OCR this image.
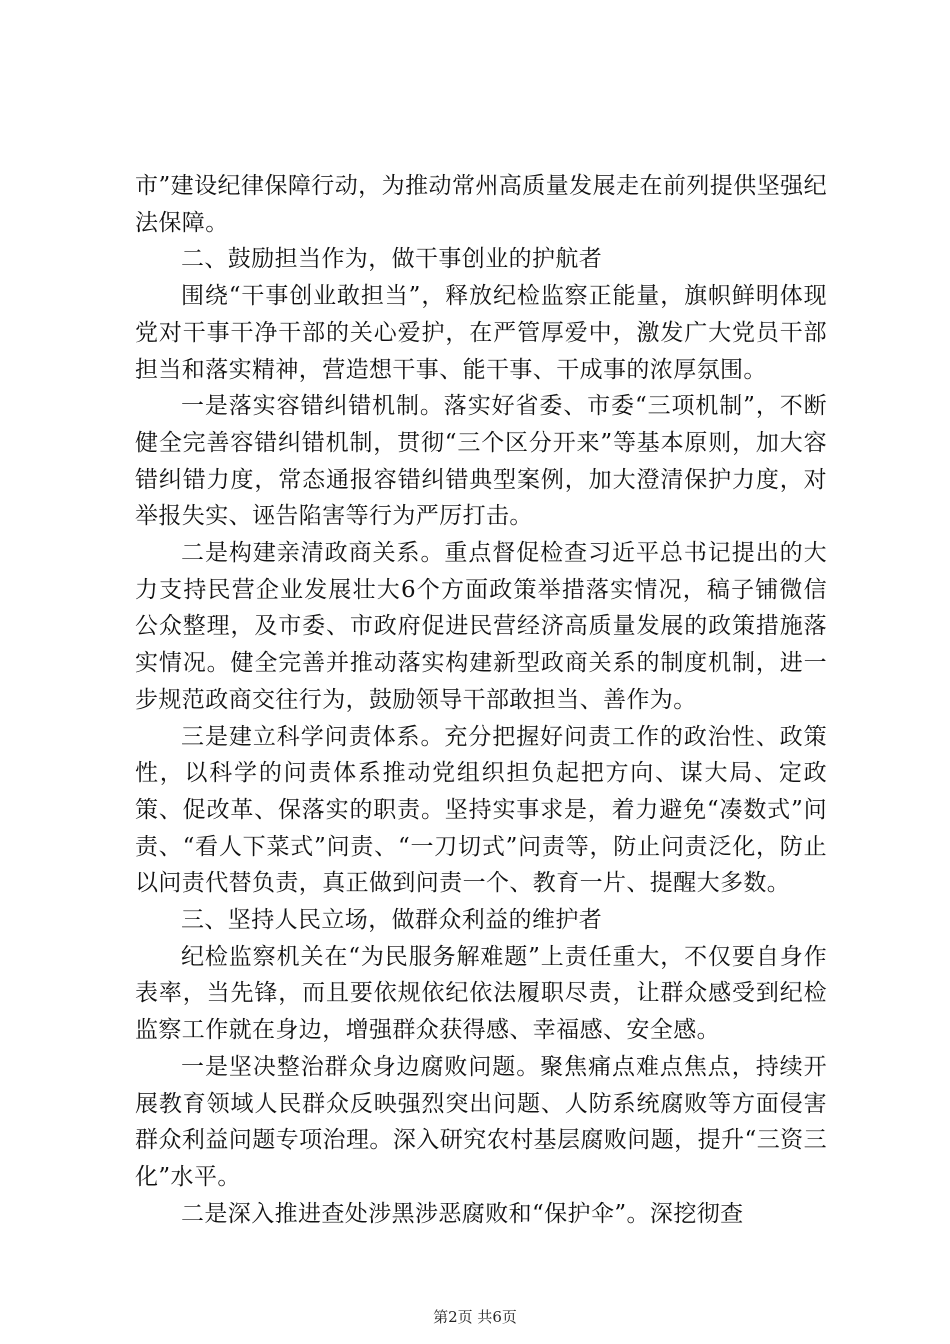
市”建设纪律保障行动，为推动常州高质量发展走在前列提供坚强纪法保障。

二、鼓励担当作为，做干事创业的护航者

围绕“干事创业敢担当”，释放纪检监察正能量，旗帜鲜明体现党对干事干净干部的关心爱护，在严管厚爱中，激发广大党员干部担当和落实精神，营造想干事、能干事、干成事的浓厚氛围。

一是落实容错纠错机制。落实好省委、市委“三项机制”，不断健全完善容错纠错机制，贯彻“三个区分开来”等基本原则，加大容错纠错力度，常态通报容错纠错典型案例，加大澄清保护力度，对举报失实、诬告陷害等行为严厉打击。

二是构建亲清政商关系。重点督促检查习近平总书记提出的大力支持民营企业发展壮大6个方面政策举措落实情况，稿子铺微信公众整理，及市委、市政府促进民营经济高质量发展的政策措施落实情况。健全完善并推动落实构建新型政商关系的制度机制，进一步规范政商交往行为，鼓励领导干部敢担当、善作为。

三是建立科学问责体系。充分把握好问责工作的政治性、政策性，以科学的问责体系推动党组织担负起把方向、谋大局、定政策、促改革、保落实的职责。坚持实事求是，着力避免“凑数式”问责、“看人下菜式”问责、“一刀切式”问责等，防止问责泛化，防止以问责代替负责，真正做到问责一个、教育一片、提醒大多数。

三、坚持人民立场，做群众利益的维护者

纪检监察机关在“为民服务解难题”上责任重大，不仅要自身作表率，当先锋，而且要依规依纪依法履职尽责，让群众感受到纪检监察工作就在身边，增强群众获得感、幸福感、安全感。

一是坚决整治群众身边腐败问题。聚焦痛点难点焦点，持续开展教育领域人民群众反映强烈突出问题、人防系统腐败等方面侵害群众利益问题专项治理。深入研究农村基层腐败问题，提升“三资三化”水平。

二是深入推进查处涉黑涉恶腐败和“保护伞”。深挖彻查

第2页 共6页
